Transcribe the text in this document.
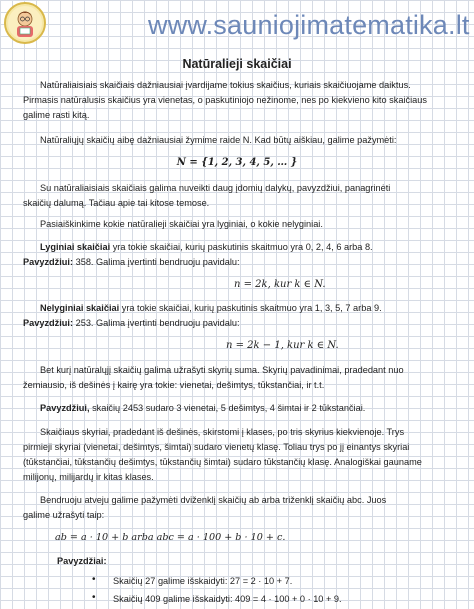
www.sauniojimatematika.lt
Natūralieji skaičiai

Natūraliaisiais skaičiais dažniausiai įvardijame tokius skaičius, kuriais skaičiuojame daiktus.

Pirmasis natūralusis skaičius yra vienetas, o paskutiniojo nežinome, nes po kiekvieno kito skaičiaus

galime rasti kitą.

Natūraliųjų skaičių aibę dažniausiai žymime raide N. Kad būtų aiškiau, galime pažymėti:

N = {1, 2, 3, 4, 5, … }

Su natūraliaisiais skaičiais galima nuveikti daug įdomių dalykų, pavyzdžiui, panagrinėti

skaičių dalumą. Tačiau apie tai kitose temose.

Pasiaiškinkime kokie natūralieji skaičiai yra lyginiai, o kokie nelyginiai.

Lyginiai skaičiai yra tokie skaičiai, kurių paskutinis skaitmuo yra 0, 2, 4, 6 arba 8.

Pavyzdžiui: 358. Galima įvertinti bendruoju pavidalu:

n = 2k, kur k ∈ N.

Nelyginiai skaičiai yra tokie skaičiai, kurių paskutinis skaitmuo yra 1, 3, 5, 7 arba 9.

Pavyzdžiui: 253. Galima įvertinti bendruoju pavidalu:

n = 2k − 1, kur k ∈ N.

Bet kurį natūralųjį skaičių galima užrašyti skyrių suma. Skyrių pavadinimai, pradedant nuo

žemiausio, iš dešinės į kairę yra tokie: vienetai, dešimtys, tūkstančiai, ir t.t.

Pavyzdžiui, skaičių 2453 sudaro 3 vienetai, 5 dešimtys, 4 šimtai ir 2 tūkstančiai.

Skaičiaus skyriai, pradedant iš dešinės, skirstomi į klases, po tris skyrius kiekvienoje. Trys

pirmieji skyriai (vienetai, dešimtys, šimtai) sudaro vienetų klasę. Toliau trys po jį einantys skyriai

(tūkstančiai, tūkstančių dešimtys, tūkstančių šimtai) sudaro tūkstančių klasę. Analogiškai gauname

milijonų, milijardų ir kitas klases.

Bendruoju atveju galime pažymėti dviženklį skaičių ab arba triženklį skaičių abc. Juos

galime užrašyti taip:

ab = a · 10 + b arba abc = a · 100 + b · 10 + c.

Pavyzdžiai:

• Skaičių 27 galime išskaidyti: 27 = 2 · 10 + 7.

• Skaičių 409 galime išskaidyti: 409 = 4 · 100 + 0 · 10 + 9.
